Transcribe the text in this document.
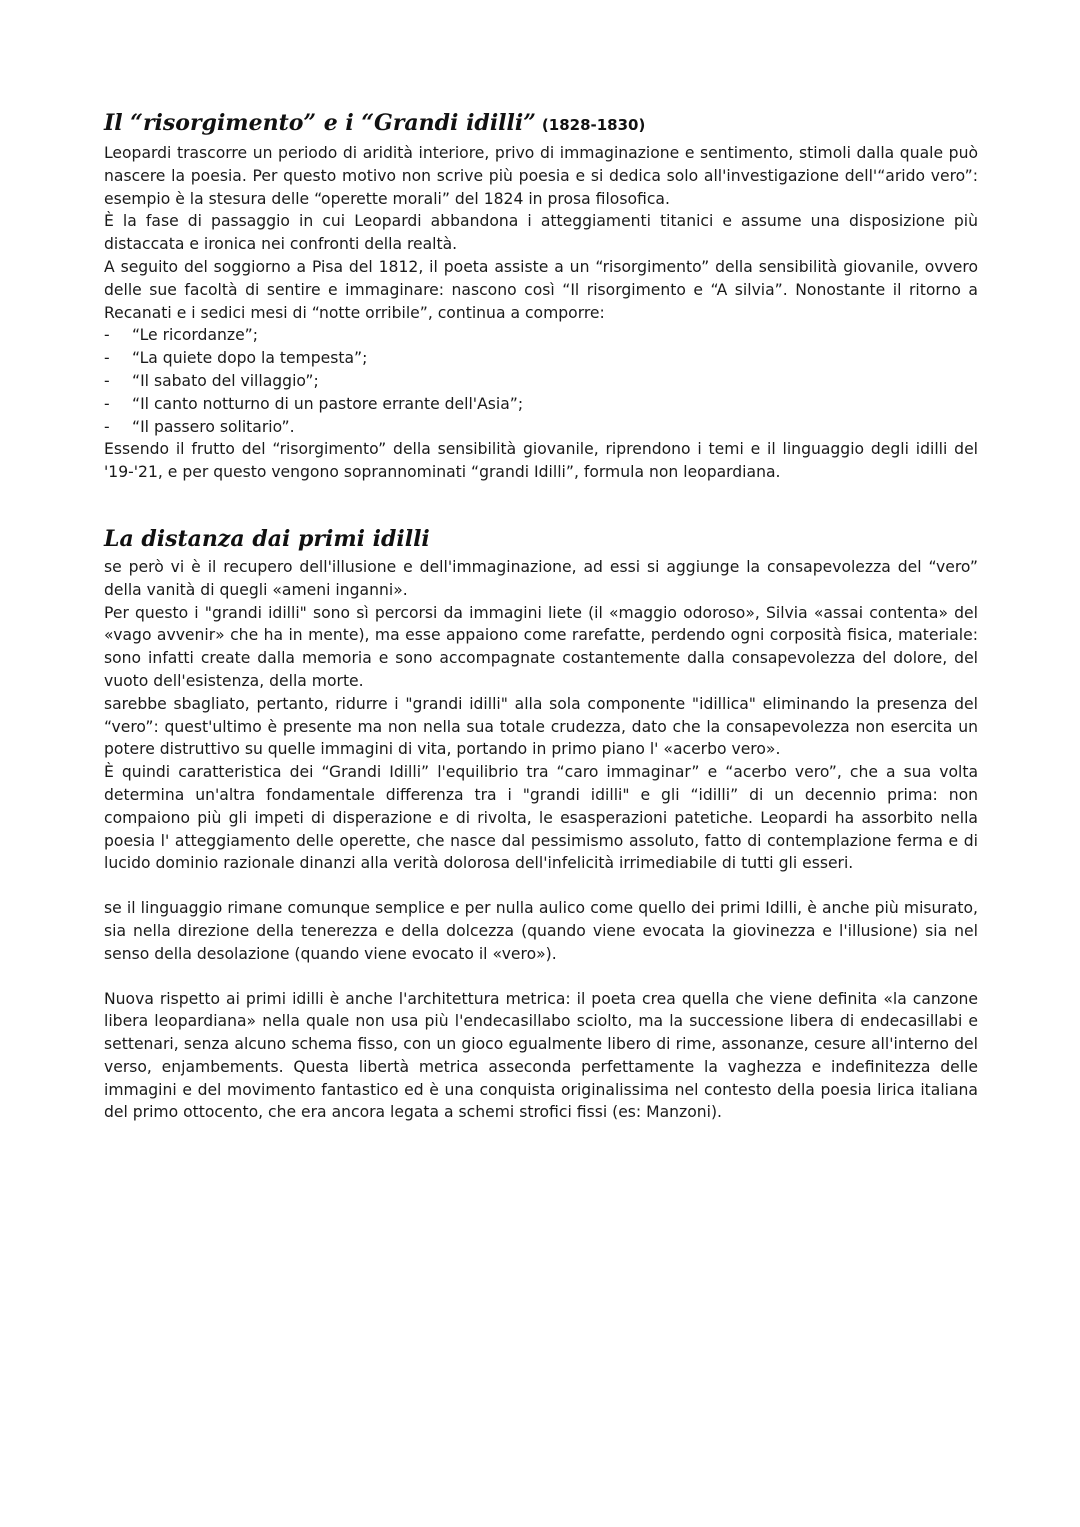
Il “risorgimento” e i “Grandi idilli” (1828-1830)

Leopardi trascorre un periodo di aridità interiore, privo di immaginazione e sentimento, stimoli dalla quale può nascere la poesia. Per questo motivo non scrive più poesia e si dedica solo all'investigazione dell'“arido vero”: esempio è la stesura delle “operette morali” del 1824 in prosa filosofica.

È la fase di passaggio in cui Leopardi abbandona i atteggiamenti titanici e assume una disposizione più distaccata e ironica nei confronti della realtà.

A seguito del soggiorno a Pisa del 1812, il poeta assiste a un “risorgimento” della sensibilità giovanile, ovvero delle sue facoltà di sentire e immaginare: nascono così “Il risorgimento e “A silvia”. Nonostante il ritorno a Recanati e i sedici mesi di “notte orribile”, continua a comporre:

- “Le ricordanze”;
- “La quiete dopo la tempesta”;
- “Il sabato del villaggio”;
- “Il canto notturno di un pastore errante dell'Asia”;
- “Il passero solitario”.

Essendo il frutto del “risorgimento” della sensibilità giovanile, riprendono i temi e il linguaggio degli idilli del '19-'21, e per questo vengono soprannominati “grandi Idilli”, formula non leopardiana.

La distanza dai primi idilli

se però vi è il recupero dell'illusione e dell'immaginazione, ad essi si aggiunge la consapevolezza del “vero” della vanità di quegli «ameni inganni».

Per questo i "grandi idilli" sono sì percorsi da immagini liete (il «maggio odoroso», Silvia «assai contenta» del «vago avvenir» che ha in mente), ma esse appaiono come rarefatte, perdendo ogni corposità fisica, materiale: sono infatti create dalla memoria e sono accompagnate costantemente dalla consapevolezza del dolore, del vuoto dell'esistenza, della morte.

sarebbe sbagliato, pertanto, ridurre i "grandi idilli" alla sola componente "idillica" eliminando la presenza del “vero”: quest'ultimo è presente ma non nella sua totale crudezza, dato che la consapevolezza non esercita un potere distruttivo su quelle immagini di vita, portando in primo piano l' «acerbo vero».

È quindi caratteristica dei “Grandi Idilli” l'equilibrio tra “caro immaginar” e “acerbo vero”, che a sua volta determina un'altra fondamentale differenza tra i "grandi idilli" e gli “idilli” di un decennio prima: non compaiono più gli impeti di disperazione e di rivolta, le esasperazioni patetiche. Leopardi ha assorbito nella poesia l' atteggiamento delle operette, che nasce dal pessimismo assoluto, fatto di contemplazione ferma e di lucido dominio razionale dinanzi alla verità dolorosa dell'infelicità irrimediabile di tutti gli esseri.

se il linguaggio rimane comunque semplice e per nulla aulico come quello dei primi Idilli, è anche più misurato, sia nella direzione della tenerezza e della dolcezza (quando viene evocata la giovinezza e l'illusione) sia nel senso della desolazione (quando viene evocato il «vero»).

Nuova rispetto ai primi idilli è anche l'architettura metrica: il poeta crea quella che viene definita «la canzone libera leopardiana» nella quale non usa più l'endecasillabo sciolto, ma la successione libera di endecasillabi e settenari, senza alcuno schema fisso, con un gioco egualmente libero di rime, assonanze, cesure all'interno del verso, enjambements. Questa libertà metrica asseconda perfettamente la vaghezza e indefinitezza delle immagini e del movimento fantastico ed è una conquista originalissima nel contesto della poesia lirica italiana del primo ottocento, che era ancora legata a schemi strofici fissi (es: Manzoni).
